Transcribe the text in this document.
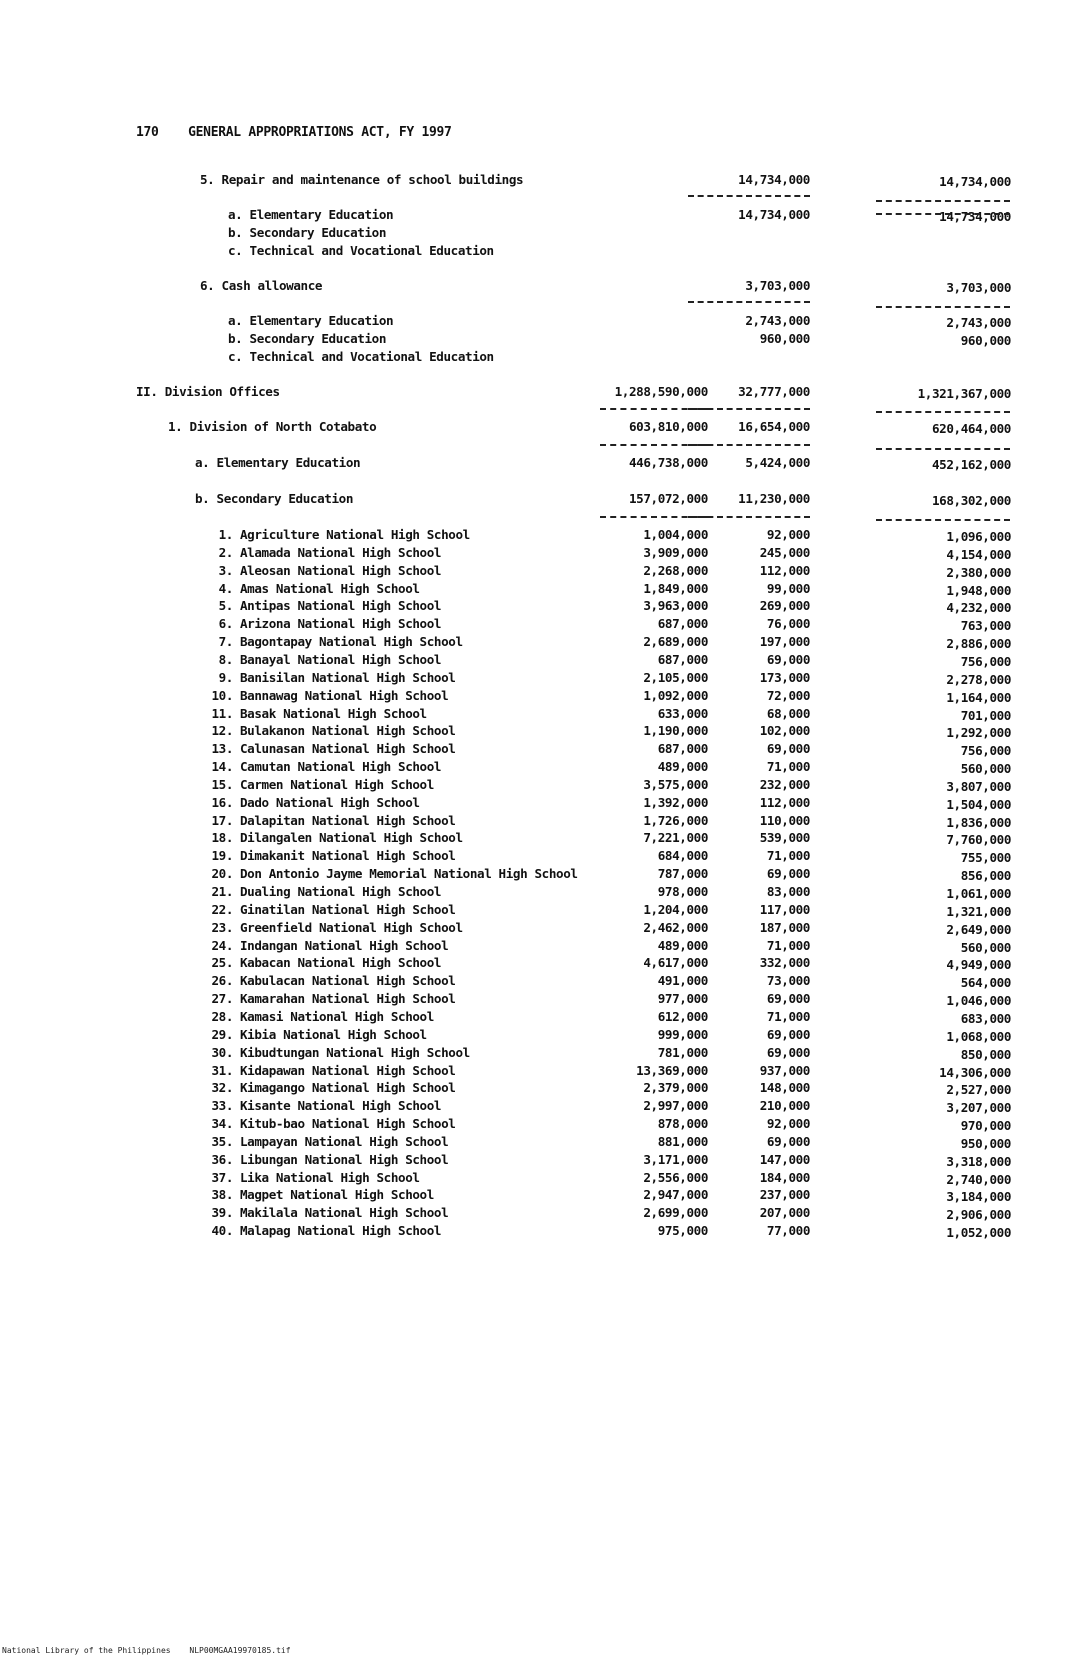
170 GENERAL APPROPRIATIONS ACT, FY 1997
5. Repair and maintenance of school buildings	14,734,000	14,734,000
a. Elementary Education	14,734,000	14,734,000
b. Secondary Education
c. Technical and Vocational Education
6. Cash allowance	3,703,000	3,703,000
a. Elementary Education	2,743,000	2,743,000
b. Secondary Education	960,000	960,000
c. Technical and Vocational Education
II. Division Offices	1,288,590,000 32,777,000	1,321,367,000
1. Division of North Cotabato	603,810,000 16,654,000	620,464,000
a. Elementary Education	446,738,000	5,424,000	452,162,000
b. Secondary Education	157,072,000 11,230,000	168,302,000
1. Agriculture National High School	1,004,000	92,000	1,096,000
2. Alamada National High School	3,909,000	245,000	4,154,000
3. Aleosan National High School	2,268,000	112,000	2,380,000
4. Amas National High School	1,849,000	99,000	1,948,000
5. Antipas National High School	3,963,000	269,000	4,232,000
6. Arizona National High School	687,000	76,000	763,000
7. Bagontapay National High School	2,689,000	197,000	2,886,000
8. Banayal National High School	687,000	69,000	756,000
9. Banisilan National High School	2,105,000	173,000	2,278,000
10. Bannawag National High School	1,092,000	72,000	1,164,000
11. Basak National High School	633,000	68,000	701,000
12. Bulakanon National High School	1,190,000	102,000	1,292,000
13. Calunasan National High School	687,000	69,000	756,000
14. Camutan National High School	489,000	71,000	560,000
15. Carmen National High School	3,575,000	232,000	3,807,000
16. Dado National High School	1,392,000	112,000	1,504,000
17. Dalapitan National High School	1,726,000	110,000	1,836,000
18. Dilangalen National High School	7,221,000	539,000	7,760,000
19. Dimakanit National High School	684,000	71,000	755,000
20. Don Antonio Jayme Memorial National High School	787,000	69,000	856,000
21. Dualing National High School	978,000	83,000	1,061,000
22. Ginatilan National High School	1,204,000	117,000	1,321,000
23. Greenfield National High School	2,462,000	187,000	2,649,000
24. Indangan National High School	489,000	71,000	560,000
25. Kabacan National High School	4,617,000	332,000	4,949,000
26. Kabulacan National High School	491,000	73,000	564,000
27. Kamarahan National High School	977,000	69,000	1,046,000
28. Kamasi National High School	612,000	71,000	683,000
29. Kibia National High School	999,000	69,000	1,068,000
30. Kibudtungan National High School	781,000	69,000	850,000
31. Kidapawan National High School	13,369,000	937,000	14,306,000
32. Kimagango National High School	2,379,000	148,000	2,527,000
33. Kisante National High School	2,997,000	210,000	3,207,000
34. Kitub-bao National High School	878,000	92,000	970,000
35. Lampayan National High School	881,000	69,000	950,000
36. Libungan National High School	3,171,000	147,000	3,318,000
37. Lika National High School	2,556,000	184,000	2,740,000
38. Magpet National High School	2,947,000	237,000	3,184,000
39. Makilala National High School	2,699,000	207,000	2,906,000
40. Malapag National High School	975,000	77,000	1,052,000
National Library of the Philippines NLP00MGAA19970185.tif
